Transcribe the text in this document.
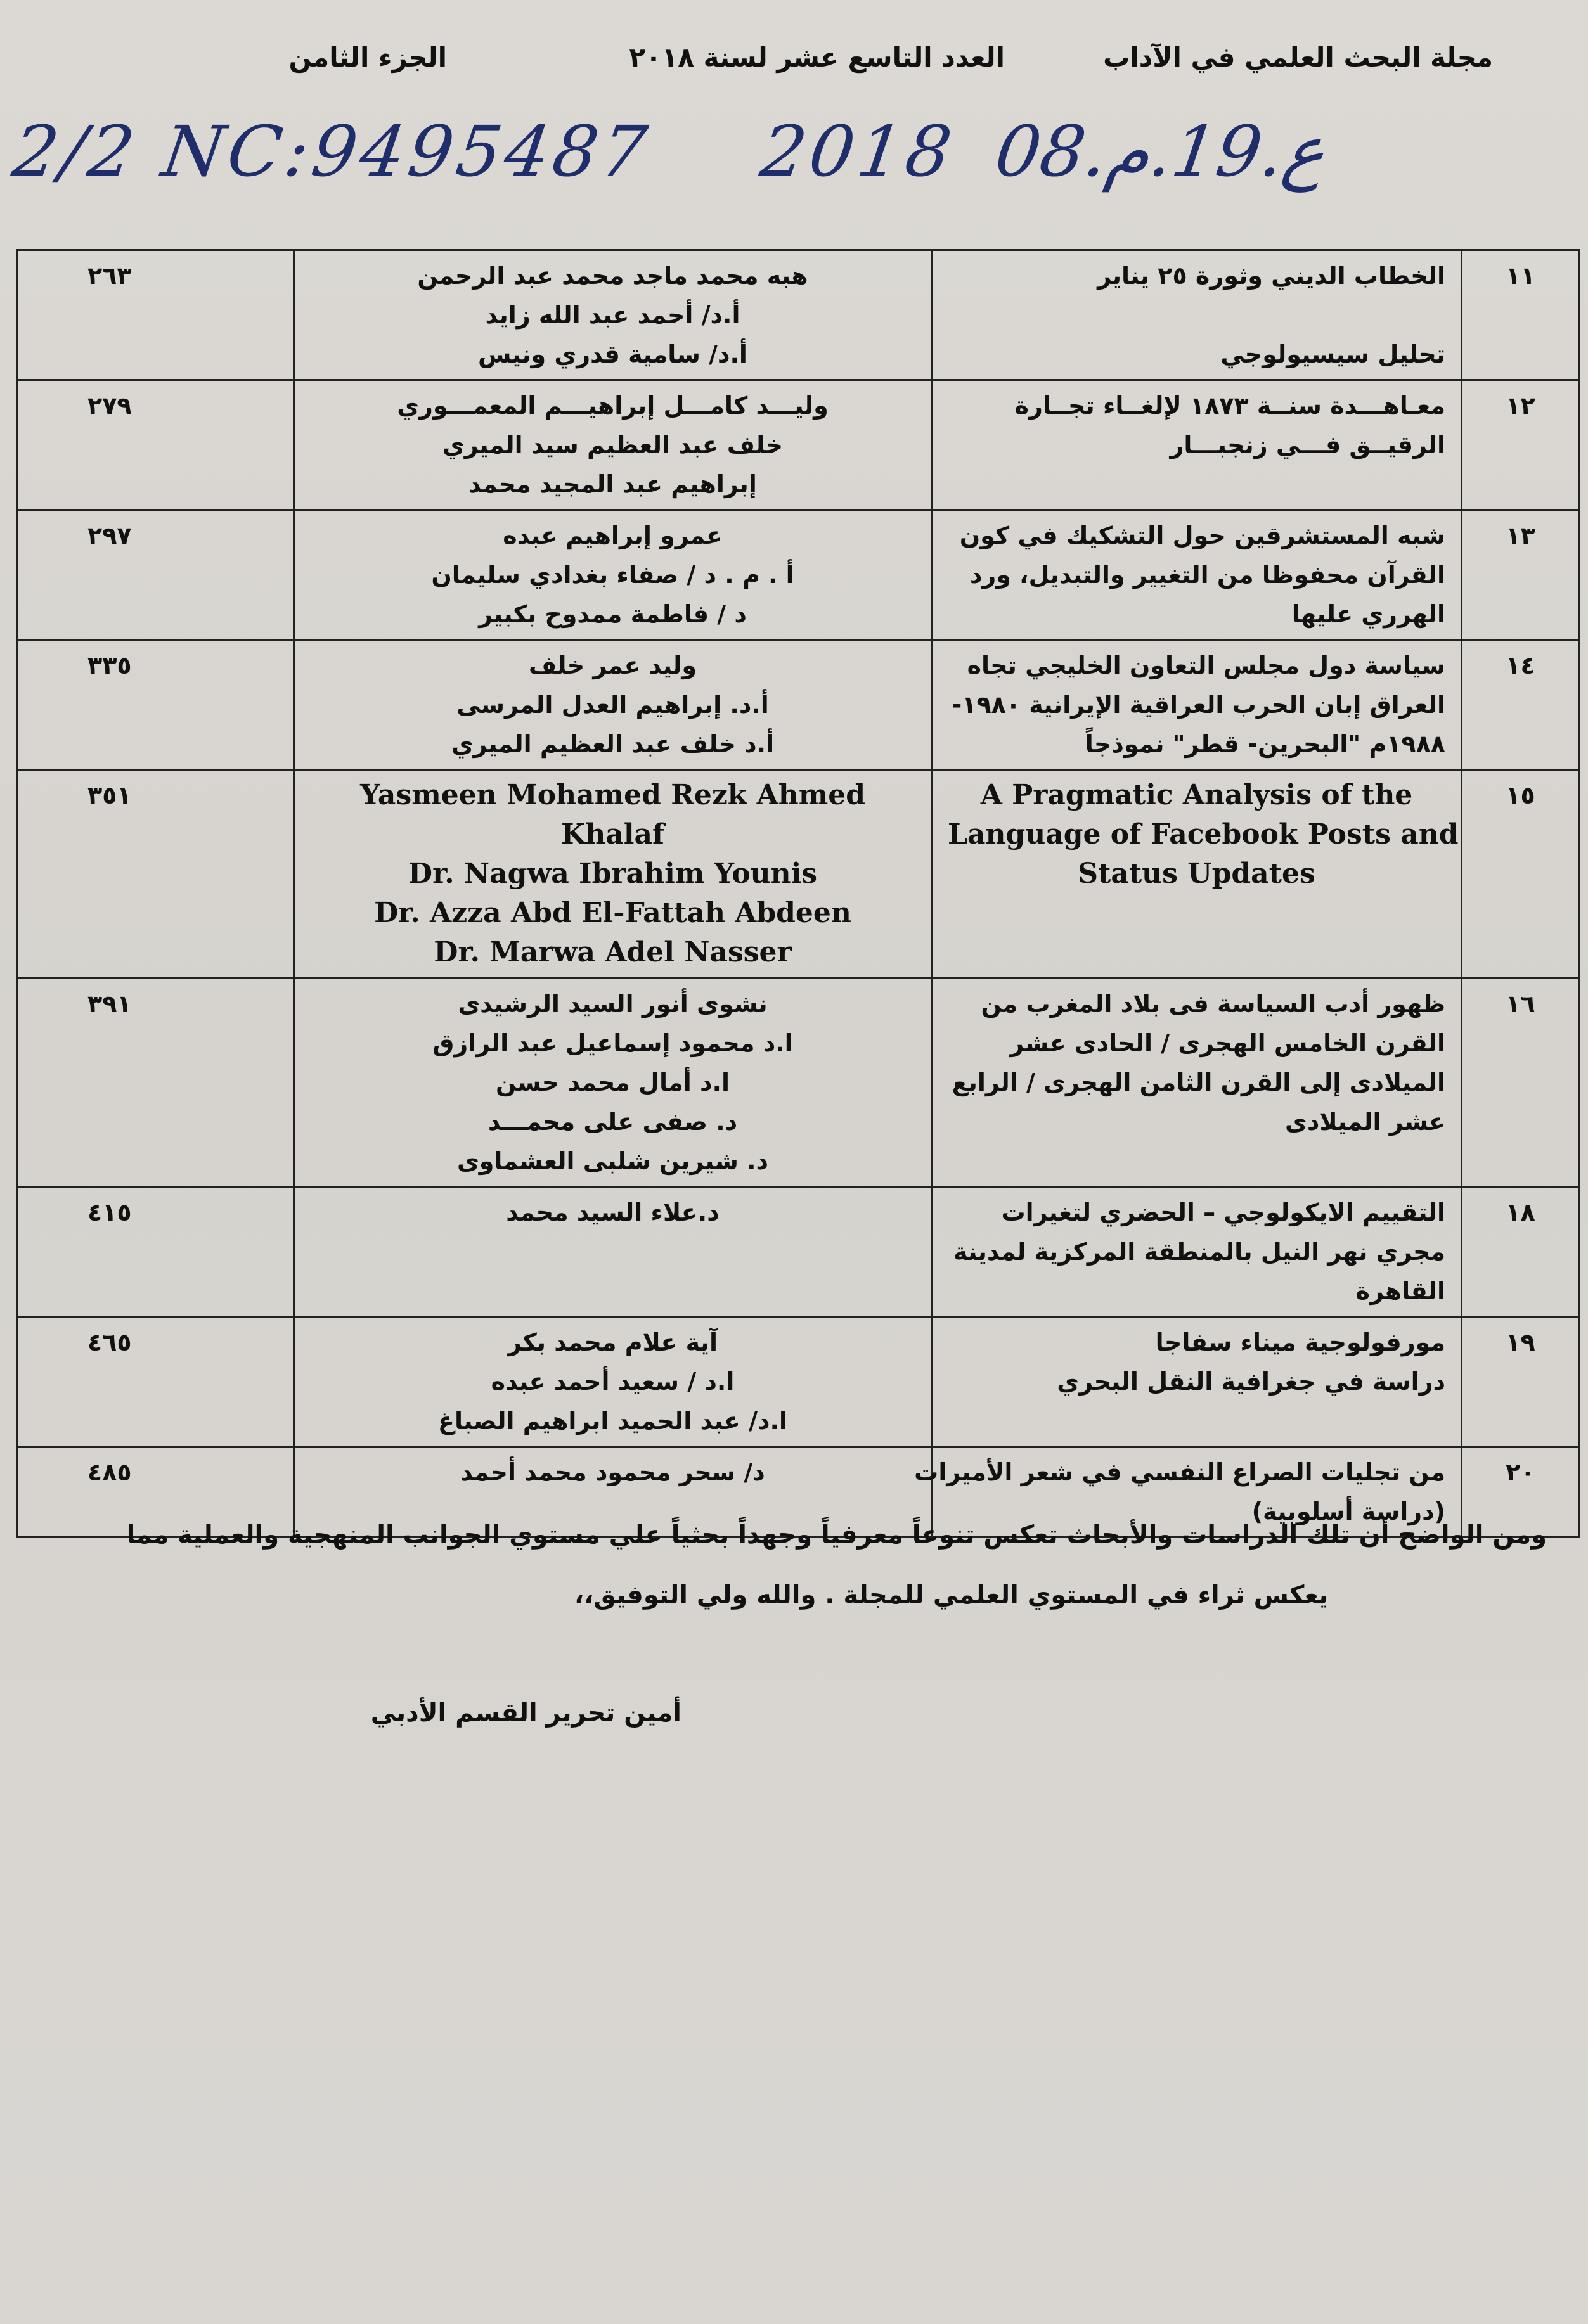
مجلة البحث العلمي في الآداب
العدد التاسع عشر لسنة ٢٠١٨
الجزء الثامن
2/2 NC:9495487 2018 08.ع.19.م
١١	الخطاب الديني وثورة ٢٥ يناير

تحليل سيسيولوجي	هبه محمد ماجد محمد عبد الرحمن
أ.د/ أحمد عبد الله زايد
أ.د/ سامية قدري ونيس	٢٦٣
١٢	معـاهـــدة سنــة ١٨٧٣ لإلغــاء تجــارة
الرقيــق فـــي زنجبـــار	وليـــد كامـــل إبراهيـــم المعمـــوري
خلف عبد العظيم سيد الميري
إبراهيم عبد المجيد محمد	٢٧٩
١٣	شبه المستشرقين حول التشكيك في كون
القرآن محفوظا من التغيير والتبديل، ورد
الهرري عليها	عمرو إبراهيم عبده
أ . م . د / صفاء بغدادي سليمان
د / فاطمة ممدوح بكبير	٢٩٧
١٤	سياسة دول مجلس التعاون الخليجي تجاه
العراق إبان الحرب العراقية الإيرانية ١٩٨٠-
١٩٨٨م "البحرين- قطر" نموذجاً	وليد عمر خلف
أ.د. إبراهيم العدل المرسى
أ.د خلف عبد العظيم الميري	٣٣٥
١٥	A Pragmatic Analysis of the
Language of Facebook Posts and
Status Updates	Yasmeen Mohamed Rezk Ahmed
Khalaf
Dr. Nagwa Ibrahim Younis
Dr. Azza Abd El-Fattah Abdeen
Dr. Marwa Adel Nasser	٣٥١
١٦	ظهور أدب السياسة فى بلاد المغرب من
القرن الخامس الهجرى / الحادى عشر
الميلادى إلى القرن الثامن الهجرى / الرابع
عشر الميلادى	نشوى أنور السيد الرشيدى
ا.د محمود إسماعيل عبد الرازق
ا.د أمال محمد حسن
د. صفى على محمـــد
د. شيرين شلبى العشماوى	٣٩١
١٨	التقييم الايكولوجي – الحضري لتغيرات
مجري نهر النيل بالمنطقة المركزية لمدينة
القاهرة	د.علاء السيد محمد	٤١٥
١٩	مورفولوجية ميناء سفاجا
دراسة في جغرافية النقل البحري	آية علام محمد بكر
ا.د / سعيد أحمد عبده
ا.د/ عبد الحميد ابراهيم الصباغ	٤٦٥
٢٠	من تجليات الصراع النفسي في شعر الأميرات
(دراسة أسلوبية)	د/ سحر محمود محمد أحمد	٤٨٥
ومن الواضح أن تلك الدراسات والأبحاث تعكس تنوعاً معرفياً وجهداً بحثياً علي مستوي الجوانب المنهجية والعملية مما
يعكس ثراء في المستوي العلمي للمجلة . والله ولي التوفيق،،
أمين تحرير القسم الأدبي
